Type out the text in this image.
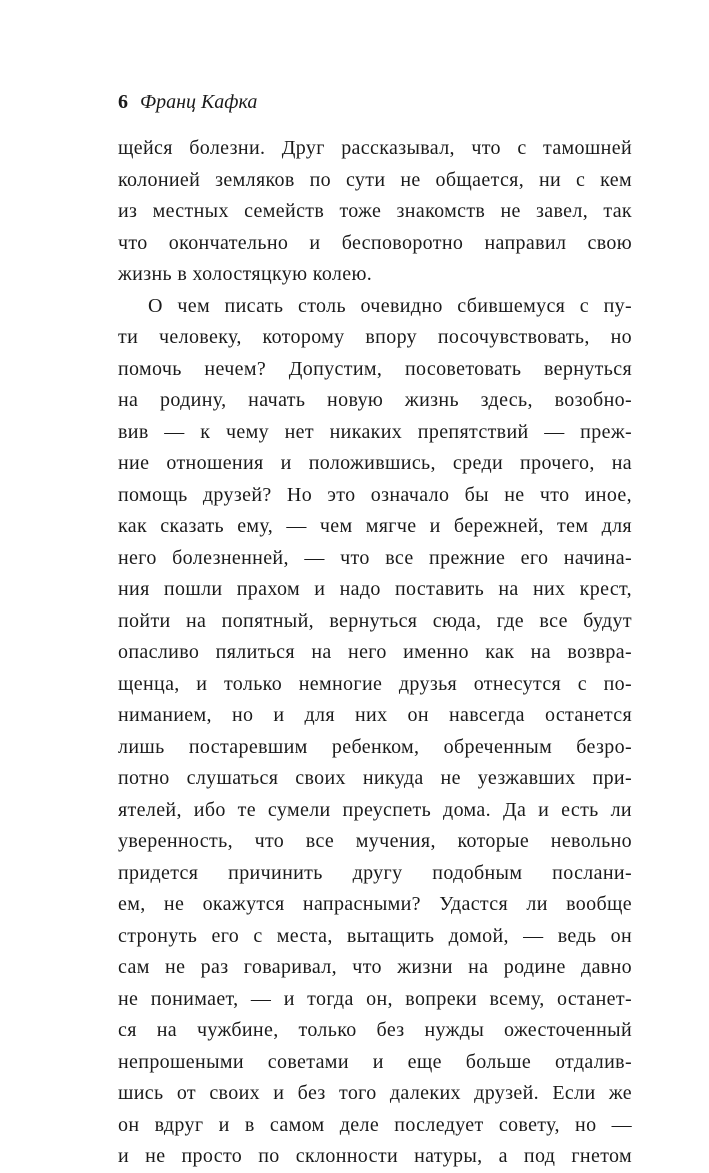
6 Франц Кафка
щейся болезни. Друг рассказывал, что с тамошней
колонией земляков по сути не общается, ни с кем
из местных семейств тоже знакомств не завел, так
что окончательно и бесповоротно направил свою
жизнь в холостяцкую колею.
О чем писать столь очевидно сбившемуся с пу-
ти человеку, которому впору посочувствовать, но
помочь нечем? Допустим, посоветовать вернуться
на родину, начать новую жизнь здесь, возобно-
вив — к чему нет никаких препятствий — преж-
ние отношения и положившись, среди прочего, на
помощь друзей? Но это означало бы не что иное,
как сказать ему, — чем мягче и бережней, тем для
него болезненней, — что все прежние его начина-
ния пошли прахом и надо поставить на них крест,
пойти на попятный, вернуться сюда, где все будут
опасливо пялиться на него именно как на возвра-
щенца, и только немногие друзья отнесутся с по-
ниманием, но и для них он навсегда останется
лишь постаревшим ребенком, обреченным безро-
потно слушаться своих никуда не уезжавших при-
ятелей, ибо те сумели преуспеть дома. Да и есть ли
уверенность, что все мучения, которые невольно
придется причинить другу подобным послани-
ем, не окажутся напрасными? Удастся ли вообще
стронуть его с места, вытащить домой, — ведь он
сам не раз говаривал, что жизни на родине давно
не понимает, — и тогда он, вопреки всему, останет-
ся на чужбине, только без нужды ожесточенный
непрошеными советами и еще больше отдалив-
шись от своих и без того далеких друзей. Если же
он вдруг и в самом деле последует совету, но —
и не просто по склонности натуры, а под гнетом
